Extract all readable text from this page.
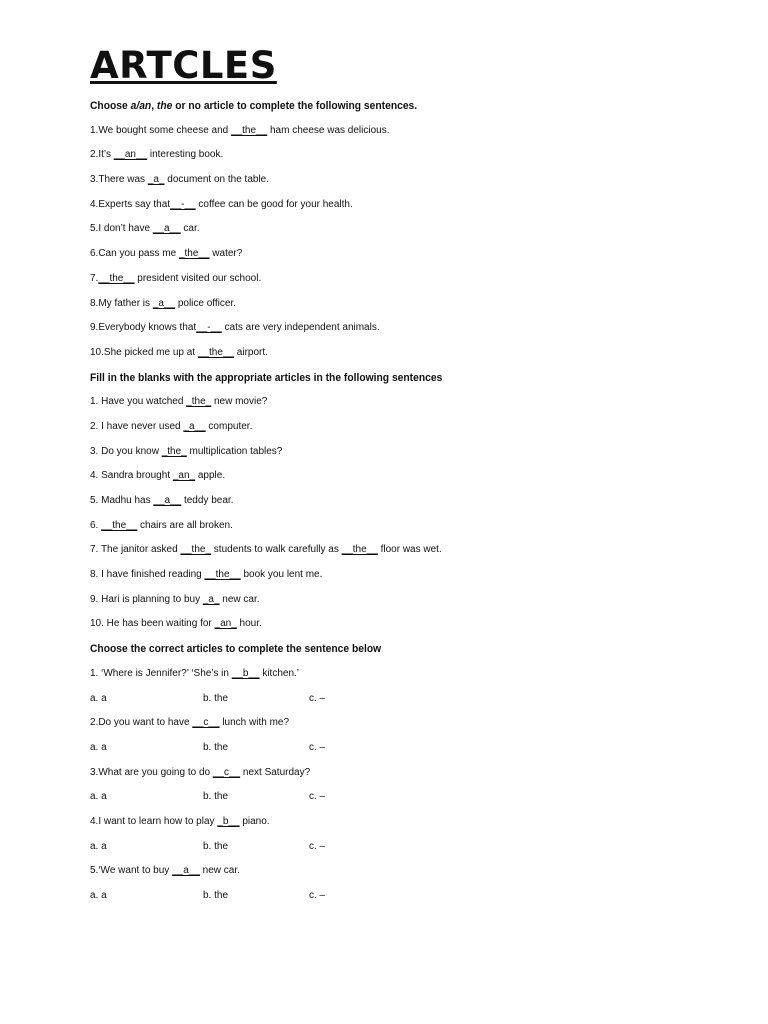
ARTCLES
Choose a/an, the or no article to complete the following sentences.
1.We bought some cheese and __the__ ham cheese was delicious.
2.It’s __an__ interesting book.
3.There was _a_ document on the table.
4.Experts say that__-__ coffee can be good for your health.
5.I don’t have __a__ car.
6.Can you pass me _the__ water?
7.__the__ president visited our school.
8.My father is _a__ police officer.
9.Everybody knows that__-__ cats are very independent animals.
10.She picked me up at __the__ airport.
Fill in the blanks with the appropriate articles in the following sentences
1. Have you watched _the_ new movie?
2. I have never used _a__ computer.
3. Do you know _the_ multiplication tables?
4. Sandra brought _an_ apple.
5. Madhu has __a__ teddy bear.
6. __the__ chairs are all broken.
7. The janitor asked __the_ students to walk carefully as __the__ floor was wet.
8. I have finished reading __the__ book you lent me.
9. Hari is planning to buy _a_ new car.
10. He has been waiting for _an_ hour.
Choose the correct articles to complete the sentence below
1. ‘Where is Jennifer?’ ‘She’s in __b__ kitchen.’
a. a	b. the	c. –
2.Do you want to have __c__ lunch with me?
a. a	b. the	c. –
3.What are you going to do __c__ next Saturday?
a. a	b. the	c. –
4.I want to learn how to play _b__ piano.
a. a	b. the	c. –
5.‘We want to buy __a__ new car.
a. a	b. the	c. –
